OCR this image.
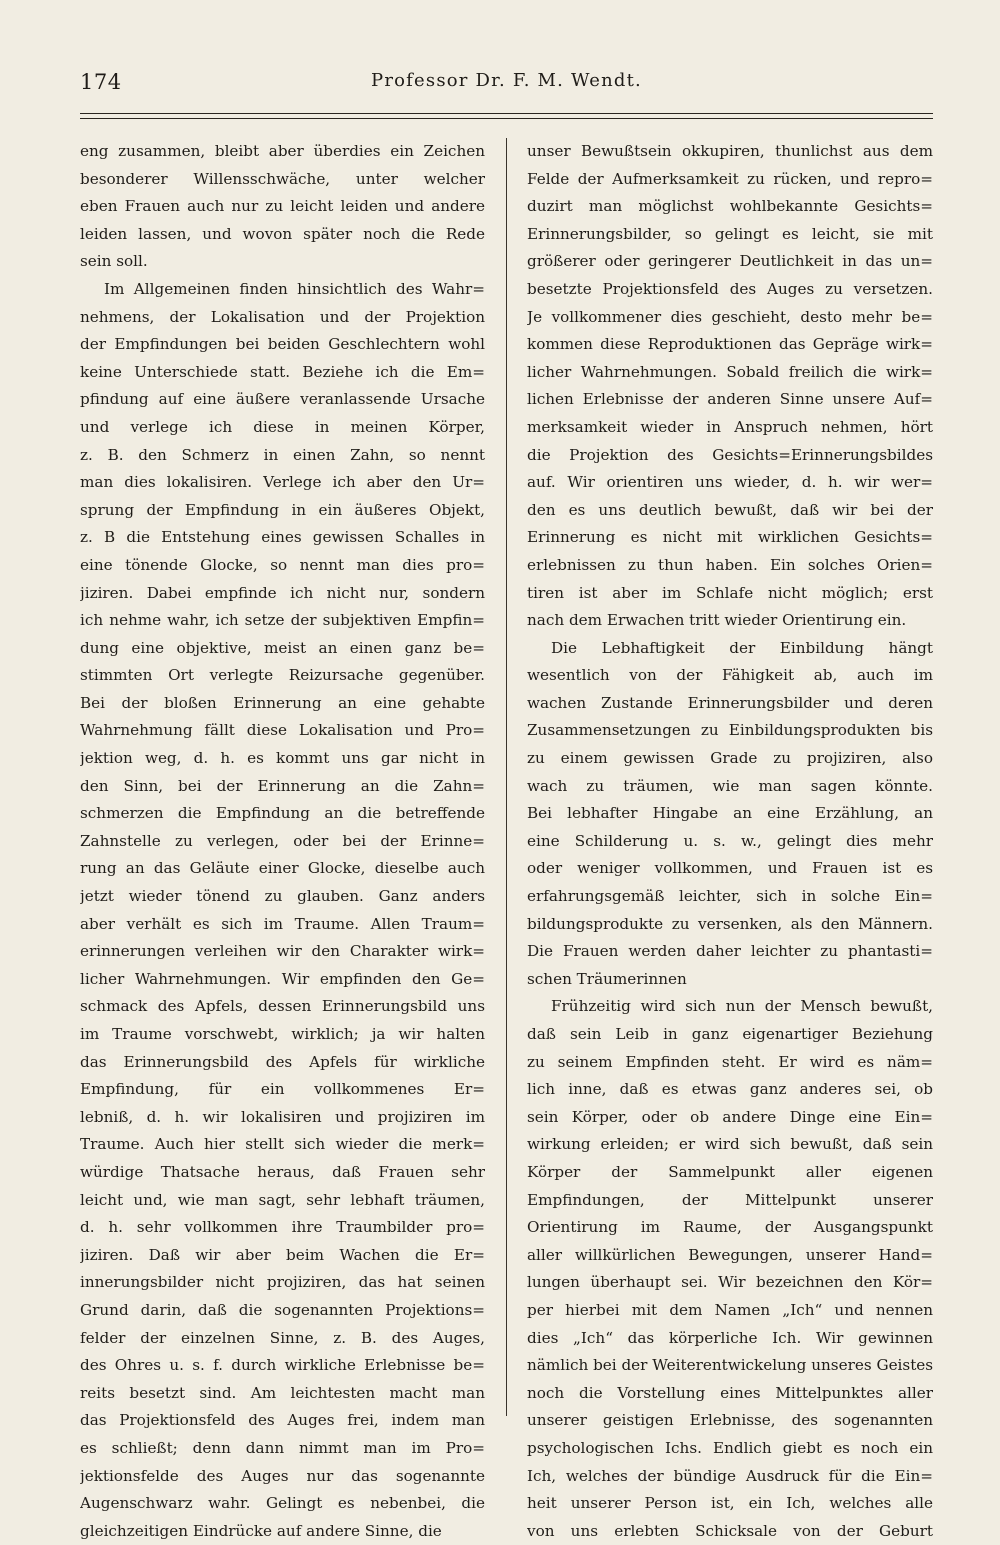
174	Professor Dr. F. M. Wendt.
eng zusammen, bleibt aber überdies ein Zeichen
besonderer Willensschwäche, unter welcher
eben Frauen auch nur zu leicht leiden und andere
leiden lassen, und wovon später noch die Rede
sein soll.
Im Allgemeinen finden hinsichtlich des Wahr=
nehmens, der Lokalisation und der Projektion
der Empfindungen bei beiden Geschlechtern wohl
keine Unterschiede statt. Beziehe ich die Em=
pfindung auf eine äußere veranlassende Ursache
und verlege ich diese in meinen Körper,
z. B. den Schmerz in einen Zahn, so nennt
man dies lokalisiren. Verlege ich aber den Ur=
sprung der Empfindung in ein äußeres Objekt,
z. B die Entstehung eines gewissen Schalles in
eine tönende Glocke, so nennt man dies pro=
jiziren. Dabei empfinde ich nicht nur, sondern
ich nehme wahr, ich setze der subjektiven Empfin=
dung eine objektive, meist an einen ganz be=
stimmten Ort verlegte Reizursache gegenüber.
Bei der bloßen Erinnerung an eine gehabte
Wahrnehmung fällt diese Lokalisation und Pro=
jektion weg, d. h. es kommt uns gar nicht in
den Sinn, bei der Erinnerung an die Zahn=
schmerzen die Empfindung an die betreffende
Zahnstelle zu verlegen, oder bei der Erinne=
rung an das Geläute einer Glocke, dieselbe auch
jetzt wieder tönend zu glauben. Ganz anders
aber verhält es sich im Traume. Allen Traum=
erinnerungen verleihen wir den Charakter wirk=
licher Wahrnehmungen. Wir empfinden den Ge=
schmack des Apfels, dessen Erinnerungsbild uns
im Traume vorschwebt, wirklich; ja wir halten
das Erinnerungsbild des Apfels für wirkliche
Empfindung, für ein vollkommenes Er=
lebniß, d. h. wir lokalisiren und projiziren im
Traume. Auch hier stellt sich wieder die merk=
würdige Thatsache heraus, daß Frauen sehr
leicht und, wie man sagt, sehr lebhaft träumen,
d. h. sehr vollkommen ihre Traumbilder pro=
jiziren. Daß wir aber beim Wachen die Er=
innerungsbilder nicht projiziren, das hat seinen
Grund darin, daß die sogenannten Projektions=
felder der einzelnen Sinne, z. B. des Auges,
des Ohres u. s. f. durch wirkliche Erlebnisse be=
reits besetzt sind. Am leichtesten macht man
das Projektionsfeld des Auges frei, indem man
es schließt; denn dann nimmt man im Pro=
jektionsfelde des Auges nur das sogenannte
Augenschwarz wahr. Gelingt es nebenbei, die
gleichzeitigen Eindrücke auf andere Sinne, die
unser Bewußtsein okkupiren, thunlichst aus dem
Felde der Aufmerksamkeit zu rücken, und repro=
duzirt man möglichst wohlbekannte Gesichts=
Erinnerungsbilder, so gelingt es leicht, sie mit
größerer oder geringerer Deutlichkeit in das un=
besetzte Projektionsfeld des Auges zu versetzen.
Je vollkommener dies geschieht, desto mehr be=
kommen diese Reproduktionen das Gepräge wirk=
licher Wahrnehmungen. Sobald freilich die wirk=
lichen Erlebnisse der anderen Sinne unsere Auf=
merksamkeit wieder in Anspruch nehmen, hört
die Projektion des Gesichts=Erinnerungsbildes
auf. Wir orientiren uns wieder, d. h. wir wer=
den es uns deutlich bewußt, daß wir bei der
Erinnerung es nicht mit wirklichen Gesichts=
erlebnissen zu thun haben. Ein solches Orien=
tiren ist aber im Schlafe nicht möglich; erst
nach dem Erwachen tritt wieder Orientirung ein.
Die Lebhaftigkeit der Einbildung hängt
wesentlich von der Fähigkeit ab, auch im
wachen Zustande Erinnerungsbilder und deren
Zusammensetzungen zu Einbildungsprodukten bis
zu einem gewissen Grade zu projiziren, also
wach zu träumen, wie man sagen könnte.
Bei lebhafter Hingabe an eine Erzählung, an
eine Schilderung u. s. w., gelingt dies mehr
oder weniger vollkommen, und Frauen ist es
erfahrungsgemäß leichter, sich in solche Ein=
bildungsprodukte zu versenken, als den Männern.
Die Frauen werden daher leichter zu phantasti=
schen Träumerinnen
Frühzeitig wird sich nun der Mensch bewußt,
daß sein Leib in ganz eigenartiger Beziehung
zu seinem Empfinden steht. Er wird es näm=
lich inne, daß es etwas ganz anderes sei, ob
sein Körper, oder ob andere Dinge eine Ein=
wirkung erleiden; er wird sich bewußt, daß sein
Körper der Sammelpunkt aller eigenen
Empfindungen, der Mittelpunkt unserer
Orientirung im Raume, der Ausgangspunkt
aller willkürlichen Bewegungen, unserer Hand=
lungen überhaupt sei. Wir bezeichnen den Kör=
per hierbei mit dem Namen „Ich“ und nennen
dies „Ich“ das körperliche Ich. Wir gewinnen
nämlich bei der Weiterentwickelung unseres Geistes
noch die Vorstellung eines Mittelpunktes aller
unserer geistigen Erlebnisse, des sogenannten
psychologischen Ichs. Endlich giebt es noch ein
Ich, welches der bündige Ausdruck für die Ein=
heit unserer Person ist, ein Ich, welches alle
von uns erlebten Schicksale von der Geburt
